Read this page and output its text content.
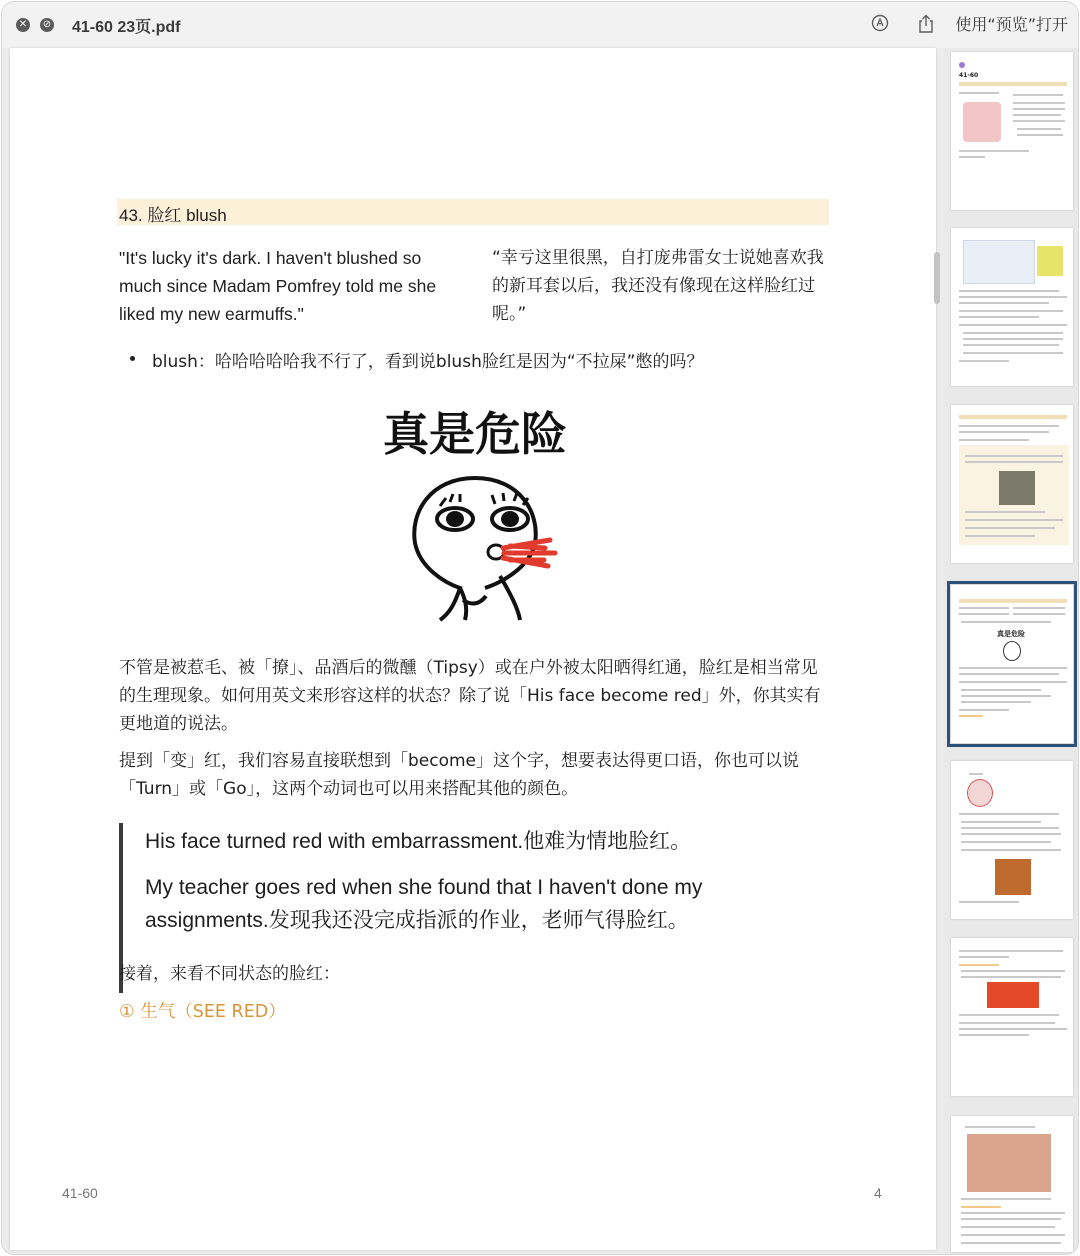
✕ ⊘ 41-60 23页.pdf	使用“预览”打开
43. 脸红 blush
"It's lucky it's dark. I haven't blushed so much since Madam Pomfrey told me she liked my new earmuffs."
“幸亏这里很黑，自打庞弗雷女士说她喜欢我的新耳套以后，我还没有像现在这样脸红过呢。”
blush：哈哈哈哈哈我不行了，看到说blush脸红是因为“不拉屎”憋的吗？
真是危险
不管是被惹毛、被「撩」、品酒后的微醺（Tipsy）或在户外被太阳晒得红通，脸红是相当常见的生理现象。如何用英文来形容这样的状态？除了说「His face become red」外，你其实有更地道的说法。
提到「变」红，我们容易直接联想到「become」这个字，想要表达得更口语，你也可以说「Turn」或「Go」，这两个动词也可以用来搭配其他的颜色。

His face turned red with embarrassment.他难为情地脸红。

My teacher goes red when she found that I haven't done my assignments.发现我还没完成指派的作业，老师气得脸红。

接着，来看不同状态的脸红：
① 生气（SEE RED）
41-60	4
41-60
真是危险
